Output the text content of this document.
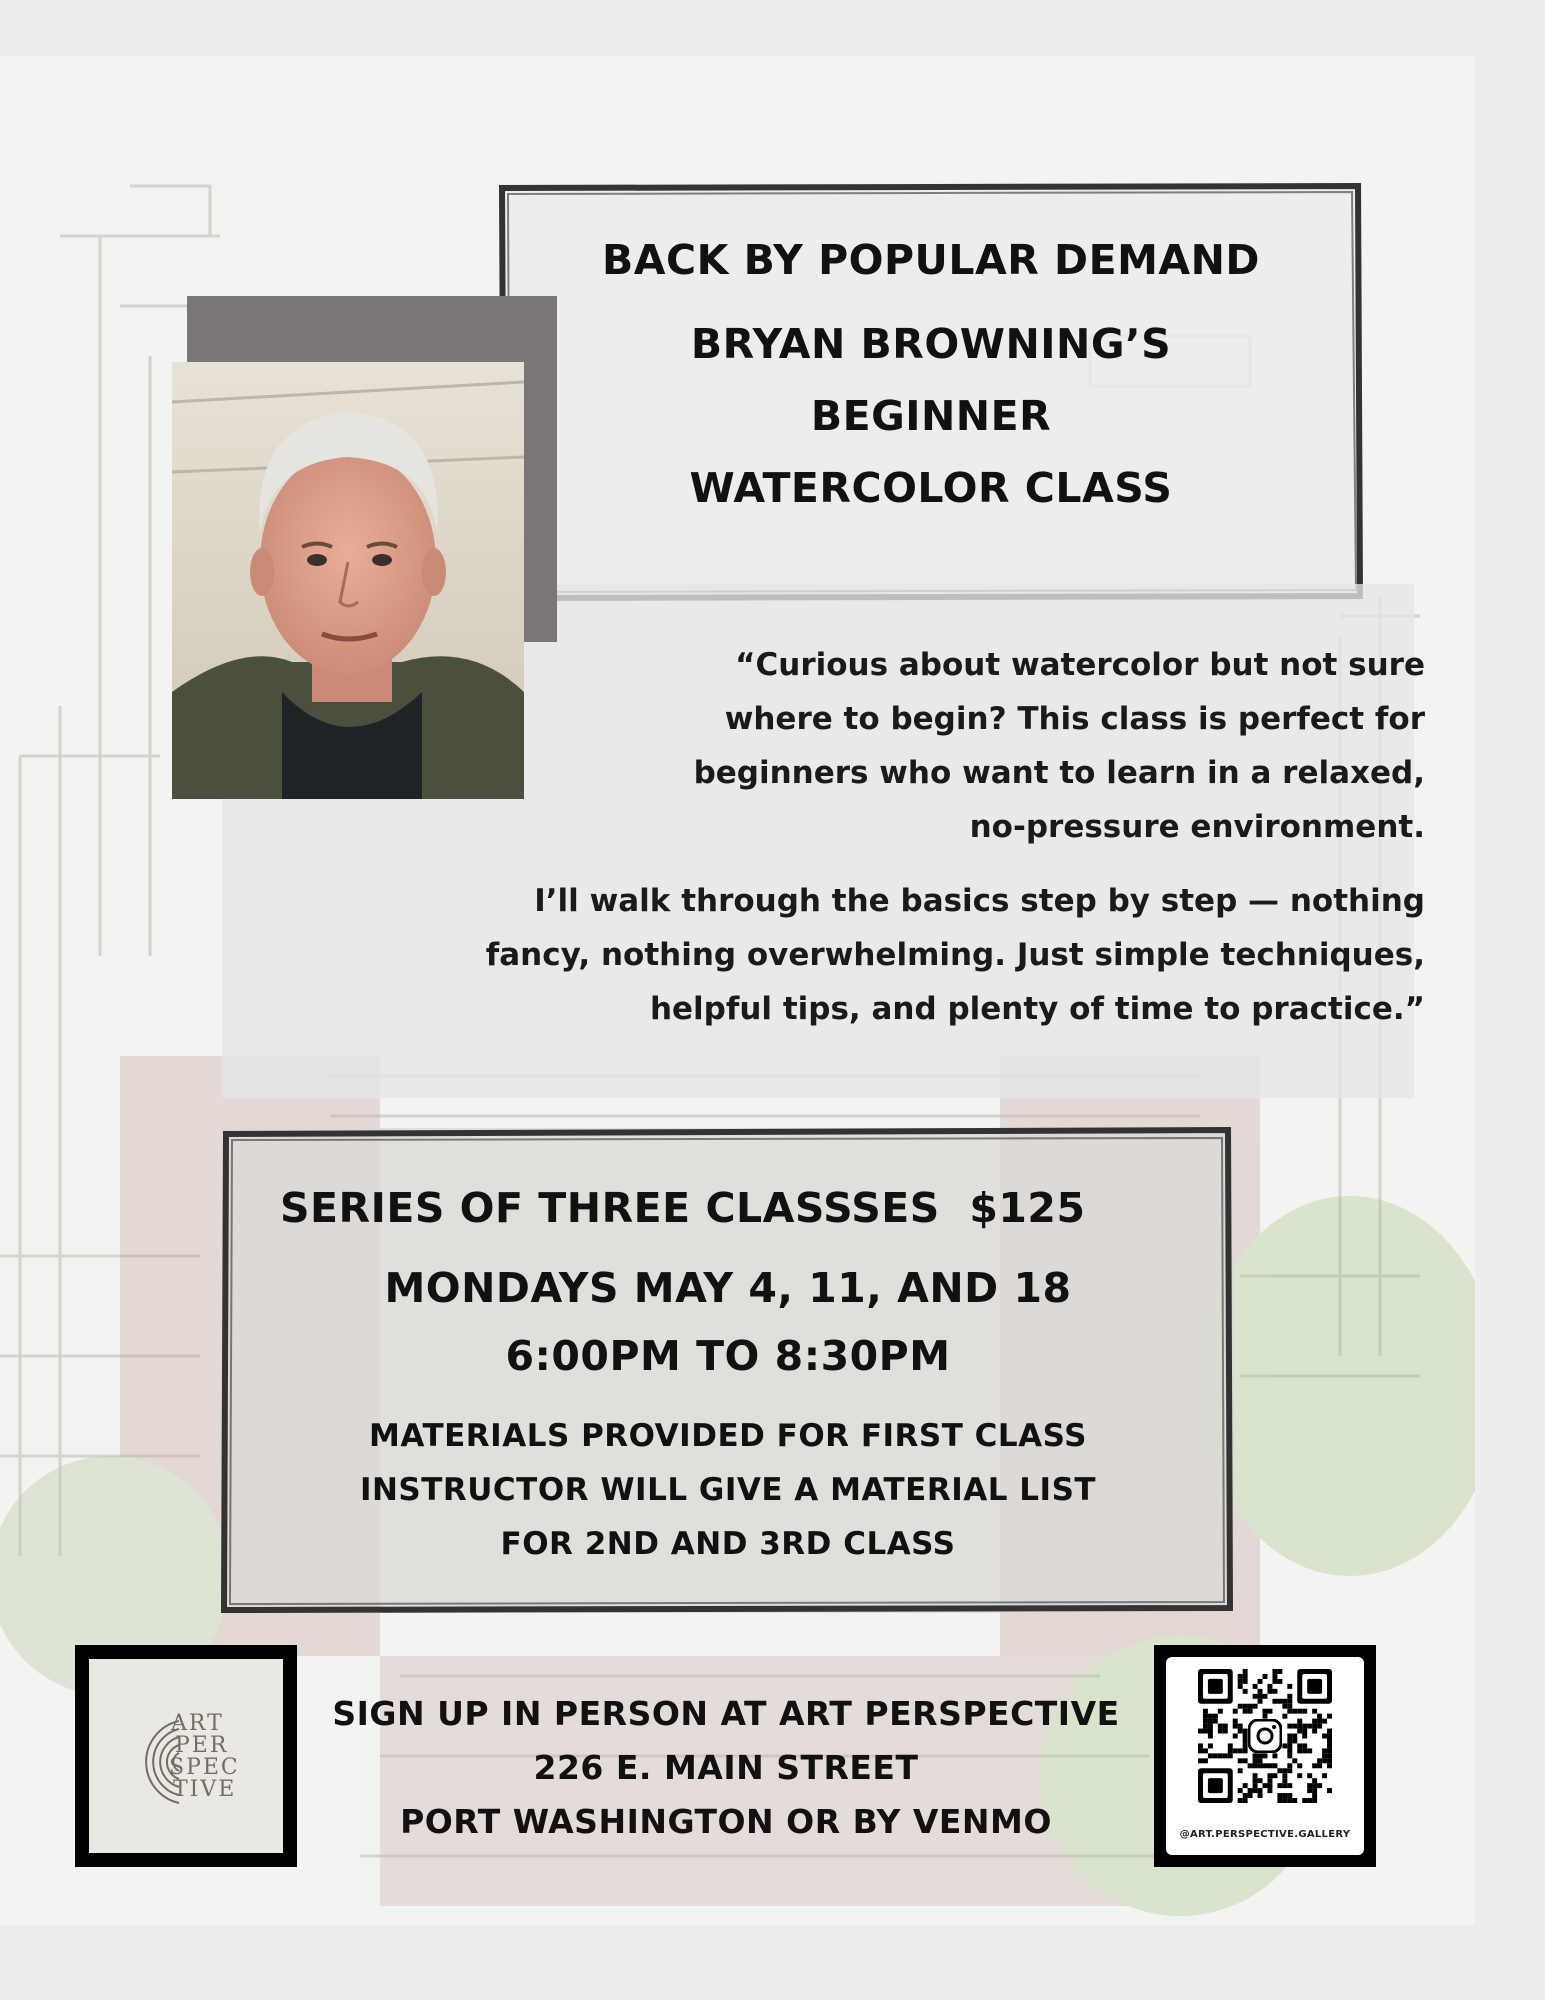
BACK BY POPULAR DEMAND
BRYAN BROWNING’S
BEGINNER
WATERCOLOR CLASS
“Curious about watercolor but not sure
where to begin? This class is perfect for
beginners who want to learn in a relaxed,
no-pressure environment.
I’ll walk through the basics step by step — nothing
fancy, nothing overwhelming. Just simple techniques,
helpful tips, and plenty of time to practice.”
SERIES OF THREE CLASSSES  $125
MONDAYS MAY 4, 11, AND 18
6:00PM TO 8:30PM
MATERIALS PROVIDED FOR FIRST CLASS
INSTRUCTOR WILL GIVE A MATERIAL LIST
FOR 2ND AND 3RD CLASS
ART
PER
SPEC
TIVE
SIGN UP IN PERSON AT ART PERSPECTIVE
226 E. MAIN STREET
PORT WASHINGTON OR BY VENMO	@ART.PERSPECTIVE.GALLERY
